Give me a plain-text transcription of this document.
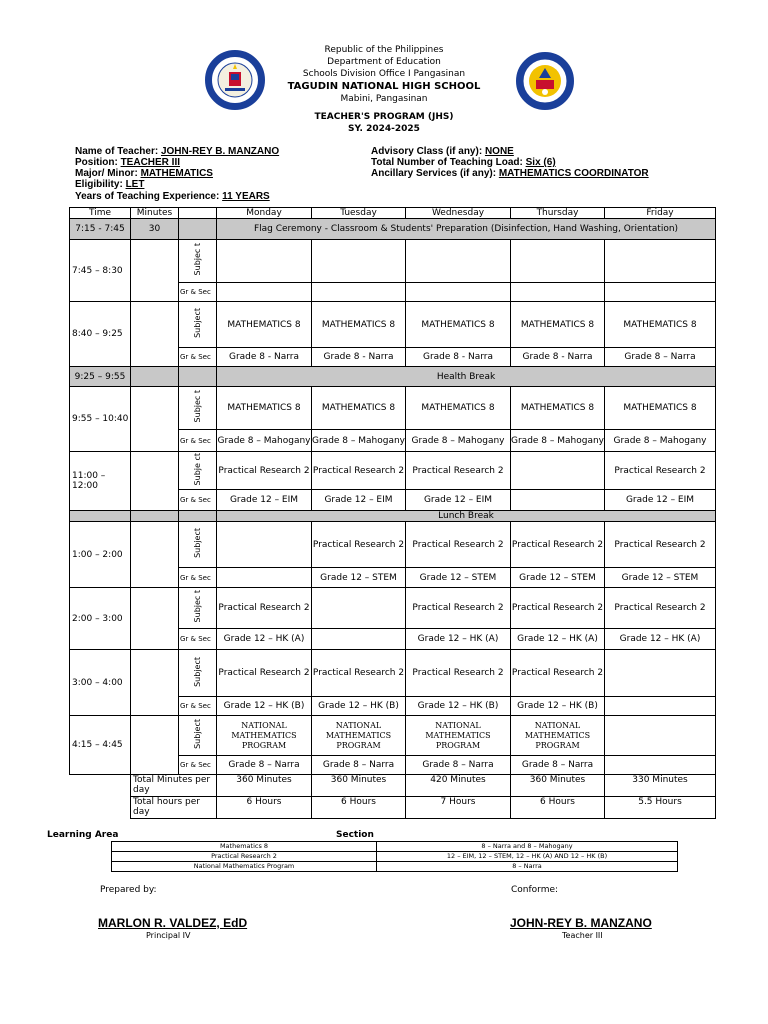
Republic of the Philippines
Department of Education
Schools Division Office I Pangasinan
TAGUDIN NATIONAL HIGH SCHOOL
Mabini, Pangasinan
TEACHER'S PROGRAM (JHS)
SY. 2024-2025
Name of Teacher: JOHN-REY B. MANZANO
Position: TEACHER III
Major/ Minor: MATHEMATICS
Eligibility: LET
Years of Teaching Experience: 11 YEARS
Advisory Class (if any): NONE
Total Number of Teaching Load: Six (6)
Ancillary Services (if any): MATHEMATICS COORDINATOR
Time	Minutes		Monday	Tuesday	Wednesday	Thursday	Friday
7:15 - 7:45	30		Flag Ceremony - Classroom & Students' Preparation (Disinfection, Hand Washing, Orientation)				
7:45 – 8:30		Subjec t					
		Gr & Sec					
8:40 – 9:25		Subject	MATHEMATICS 8	MATHEMATICS 8	MATHEMATICS 8	MATHEMATICS 8	MATHEMATICS 8
		Gr & Sec	Grade 8 - Narra	Grade 8 - Narra	Grade 8 - Narra	Grade 8 - Narra	Grade 8 – Narra
9:25 – 9:55			Health Break				
9:55 – 10:40		Subjec t	MATHEMATICS 8	MATHEMATICS 8	MATHEMATICS 8	MATHEMATICS 8	MATHEMATICS 8
		Gr & Sec	Grade 8 – Mahogany	Grade 8 – Mahogany	Grade 8 – Mahogany	Grade 8 – Mahogany	Grade 8 – Mahogany
11:00 – 12:00		Subje ct	Practical Research 2	Practical Research 2	Practical Research 2		Practical Research 2
		Gr & Sec	Grade 12 – EIM	Grade 12 – EIM	Grade 12 – EIM		Grade 12 – EIM
			Lunch Break				
1:00 – 2:00		Subject		Practical Research 2	Practical Research 2	Practical Research 2	Practical Research 2
		Gr & Sec		Grade 12 – STEM	Grade 12 – STEM	Grade 12 – STEM	Grade 12 – STEM
2:00 – 3:00		Subjec t	Practical Research 2		Practical Research 2	Practical Research 2	Practical Research 2
		Gr & Sec	Grade 12 – HK (A)		Grade 12 – HK (A)	Grade 12 – HK (A)	Grade 12 – HK (A)
3:00 – 4:00		Subject	Practical Research 2	Practical Research 2	Practical Research 2	Practical Research 2	
		Gr & Sec	Grade 12 – HK (B)	Grade 12 – HK (B)	Grade 12 – HK (B)	Grade 12 – HK (B)	
4:15 – 4:45		Subject	NATIONAL MATHEMATICS PROGRAM	NATIONAL MATHEMATICS PROGRAM	NATIONAL MATHEMATICS PROGRAM	NATIONAL MATHEMATICS PROGRAM	
		Gr & Sec	Grade 8 – Narra	Grade 8 – Narra	Grade 8 – Narra	Grade 8 – Narra	
	Total Minutes per day		360 Minutes	360 Minutes	420 Minutes	360 Minutes	330 Minutes
	Total hours per day		6 Hours	6 Hours	7 Hours	6 Hours	5.5 Hours
Learning Area	Section
Mathematics 8	8 – Narra and 8 – Mahogany
Practical Research 2	12 – EIM, 12 – STEM, 12 – HK (A) AND 12 – HK (B)
National Mathematics Program	8 – Narra
Prepared by:	Conforme:
MARLON R. VALDEZ, EdD
Principal IV
JOHN-REY B. MANZANO
Teacher III
